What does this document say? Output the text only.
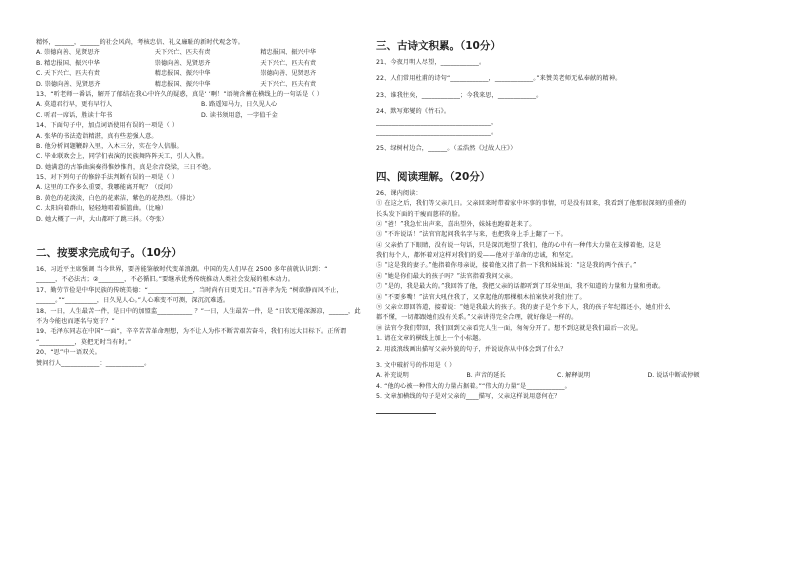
精怀，______，______的社会风尚，考核忠信、礼义廉耻的新时代观念等。
A. 崇德向善、见贤思齐	天下兴亡、匹夫有责	精忠报国、振兴中华
B. 精忠报国、振兴中华	崇德向善、见贤思齐	天下兴亡、匹夫有责
C. 天下兴亡、匹夫有责	精忠报国、振兴中华	崇德向善、见贤思齐
D. 崇德向善、见贤思齐	精忠报国、振兴中华	天下兴亡、匹夫有责
13、“听老师一番话，解开了郁结在我心中许久的疑惑，真是‘ ’啊！”语境含蓄在横线上的一句话是（ ）
A. 莫道君行早，更有早行人	B. 路遥知马力，日久见人心
C. 听君一席话，胜读十年书	D. 读书须用意，一字值千金
14、下面句子中，加点词语使用有误的一项是（ ）
A. 张华的书法造诣精湛，真有些差强人意。
B. 他分析问题鞭辟入里，入木三分，实在令人信服。
C. 毕业联欢会上，同学们表演的民族舞阵阵天工，引人入胜。
D. 她满意的古筝曲演奏得惟妙惟肖，真是余音绕梁，三日不绝。
15、对下列句子的修辞手法判断有误的一项是（ ）
A. 这里的工作多么重要，我哪能离开呢？（反问）
B. 黄色的花淡淡，白色的花素洁，紫色的花热烈。（排比）
C. 太阳向着群山，轻轻地唱着摇篮曲。（比喻）
D. 她大概了一声，大山都吓了跳三抖。（夸张）
二、按要求完成句子。（10分）
16、习近平主席强调 当今世界，要善能鉴敏时代变革浪潮。中国的先人们早在 2500 多年前就认识到：“
______，不必法古；②________，不必循旧。”要继承优秀传统推动人类社会发展的根本动力。
17、勤劳节俭是中华民族的传统美德：“______________，当时尚有日更无日。”百善孝为先 “树欲静而风不止，
______。”“__________，日久见人心。”人心难变不可测，深沉沉难透。
18、一日，人生最苦一件，是日中的加盟监___________ ？”一日，人生最苦一件，是 “日饮无倦深源凉，______，此
不为今能也而逐名与宽于？”
19、毛泽东同志在中国“一面”，辛辛苦苦革命理想，为不让人为作不断苦艰苦奋斗，我们有远大目标下。正所谓
“___________，莫把无时当有时。”
20、“思”中一语双关。
赞问行人____________：____________。
三、古诗文积累。（10分）
21、今夜月明人尽望，____________。
22、人们常用杜甫的诗句“____________，____________。”来赞美老师无私奉献的精神。
23、谁我往矣，____________；今我来思，____________。
24、默写郑燮的《竹石》。
____________________________________，
____________________________________。
25、绿树村边合，______。（孟浩然《过故人庄》）
四、阅读理解。（20分）
26、课内阅读：
① 在这之后，我们等父亲几日。父亲回来时带着家中坏事的事情，可是没有回来，我看到了他那很深刻的重叠的
长头发下面的干瘦而慈祥的脸。
② “爸！”我急忙出声来，喜出望外，妹妹也跑着赶来了。
③ “不许说话！”法官官起问我名字与来，也把我身上手上翻了一下。
④ 父亲抬了下眼睛，没有说一句话，只是深沉地望了我们，他的心中有一种伟大力量在支撑着他，这是
我们每个人，都怀着对这样对我们的爱——他对于革命的忠诚，和坚定。
⑤ “这是我的妻子。”他指着你母亲说，接着他又指了指一下我和妹妹说：“这是我的两个孩子。”
⑥ “她是你们最大的孩子吗？”法官指着我问父亲。
⑦ “是的，我是最大的。”我回答了他，我把父亲的话都听到了耳朵里面，我不知道的力量和力量和勇敢。
⑧ “不要多嘴！”法官大吼住我了，又拿起他的那棵根木拍案快对我们住了。
⑨ 父亲立即回答道，接着说：“她是我最大的孩子。我的妻子是个乡下人，我的孩子年纪都还小，她们什么
都不懂，一切都跟她们没有关系。”父亲讲得完全合理，就好像是一样的。
⑩ 法官令我们带回，我们回到父亲看完人生一面，匆匆分开了。想不到这就是我们最后一次见。
1. 请在文章的横线上加上一个小标题。
2. 用波浪线画出描写父亲外貌的句子，并说说你从中体会到了什么？
3. 文中破折号的作用是（ ）
A. 补充说明	B. 声音的延长	C. 解释说明	D. 说话中断或停顿
4. “他的心被一种伟大的力量占据着。”“伟大的力量”是____________。
5. 文章加横线的句子是对父亲的____描写，父亲这样说用意何在？
